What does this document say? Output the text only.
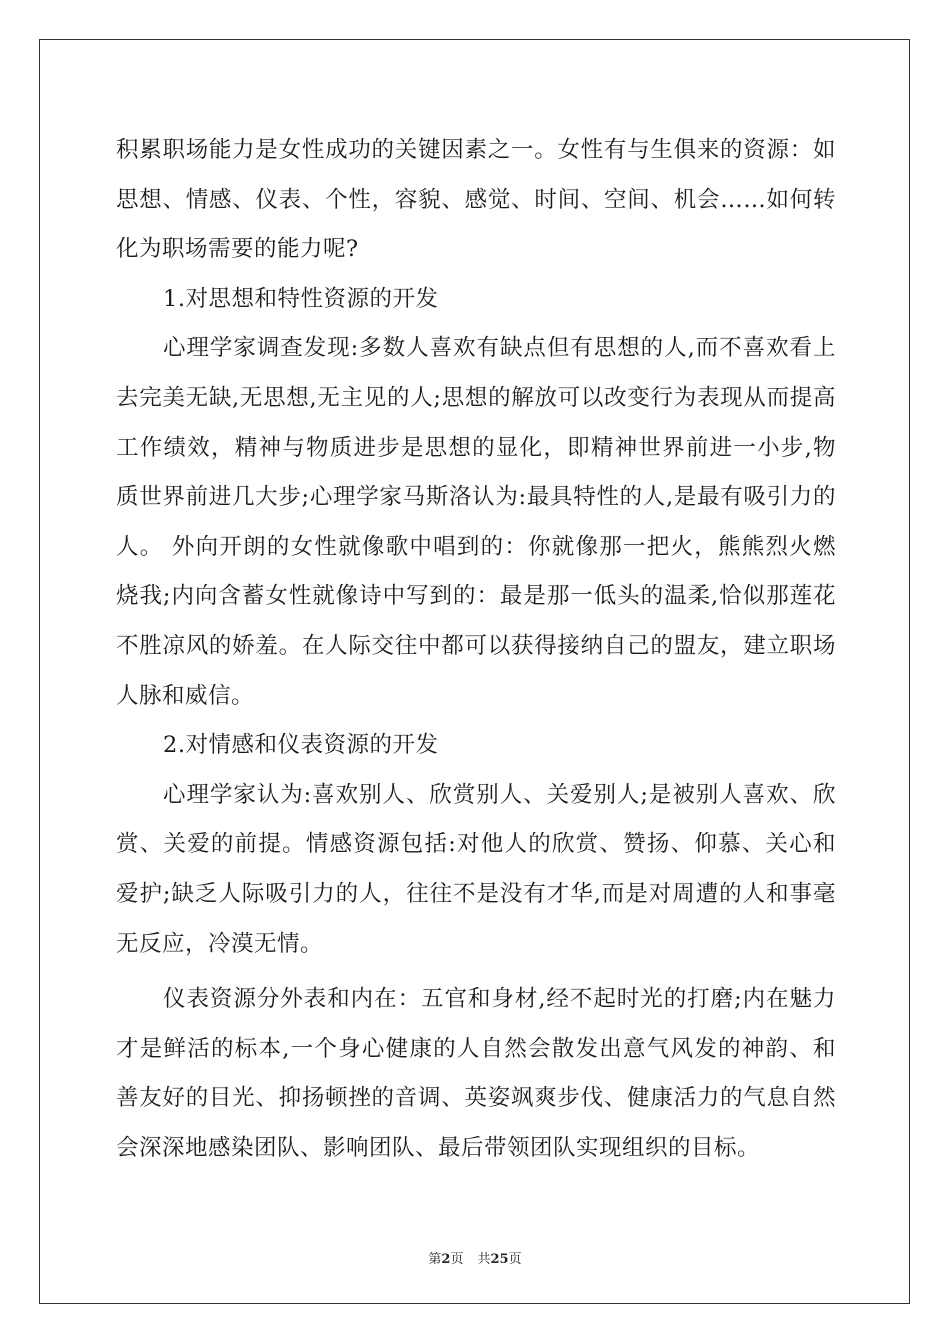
积累职场能力是女性成功的关键因素之一。女性有与生俱来的资源：如思想、情感、仪表、个性，容貌、感觉、时间、空间、机会……如何转化为职场需要的能力呢?

1.对思想和特性资源的开发

心理学家调查发现:多数人喜欢有缺点但有思想的人,而不喜欢看上去完美无缺,无思想,无主见的人;思想的解放可以改变行为表现从而提高工作绩效，精神与物质进步是思想的显化，即精神世界前进一小步,物质世界前进几大步;心理学家马斯洛认为:最具特性的人,是最有吸引力的人。 外向开朗的女性就像歌中唱到的：你就像那一把火，熊熊烈火燃烧我;内向含蓄女性就像诗中写到的：最是那一低头的温柔,恰似那莲花不胜凉风的娇羞。在人际交往中都可以获得接纳自己的盟友，建立职场人脉和威信。

2.对情感和仪表资源的开发

心理学家认为:喜欢别人、欣赏别人、关爱别人;是被别人喜欢、欣赏、关爱的前提。情感资源包括:对他人的欣赏、赞扬、仰慕、关心和爱护;缺乏人际吸引力的人，往往不是没有才华,而是对周遭的人和事毫无反应，冷漠无情。

仪表资源分外表和内在：五官和身材,经不起时光的打磨;内在魅力才是鲜活的标本,一个身心健康的人自然会散发出意气风发的神韵、和善友好的目光、抑扬顿挫的音调、英姿飒爽步伐、健康活力的气息自然会深深地感染团队、影响团队、最后带领团队实现组织的目标。

第2页 共25页
